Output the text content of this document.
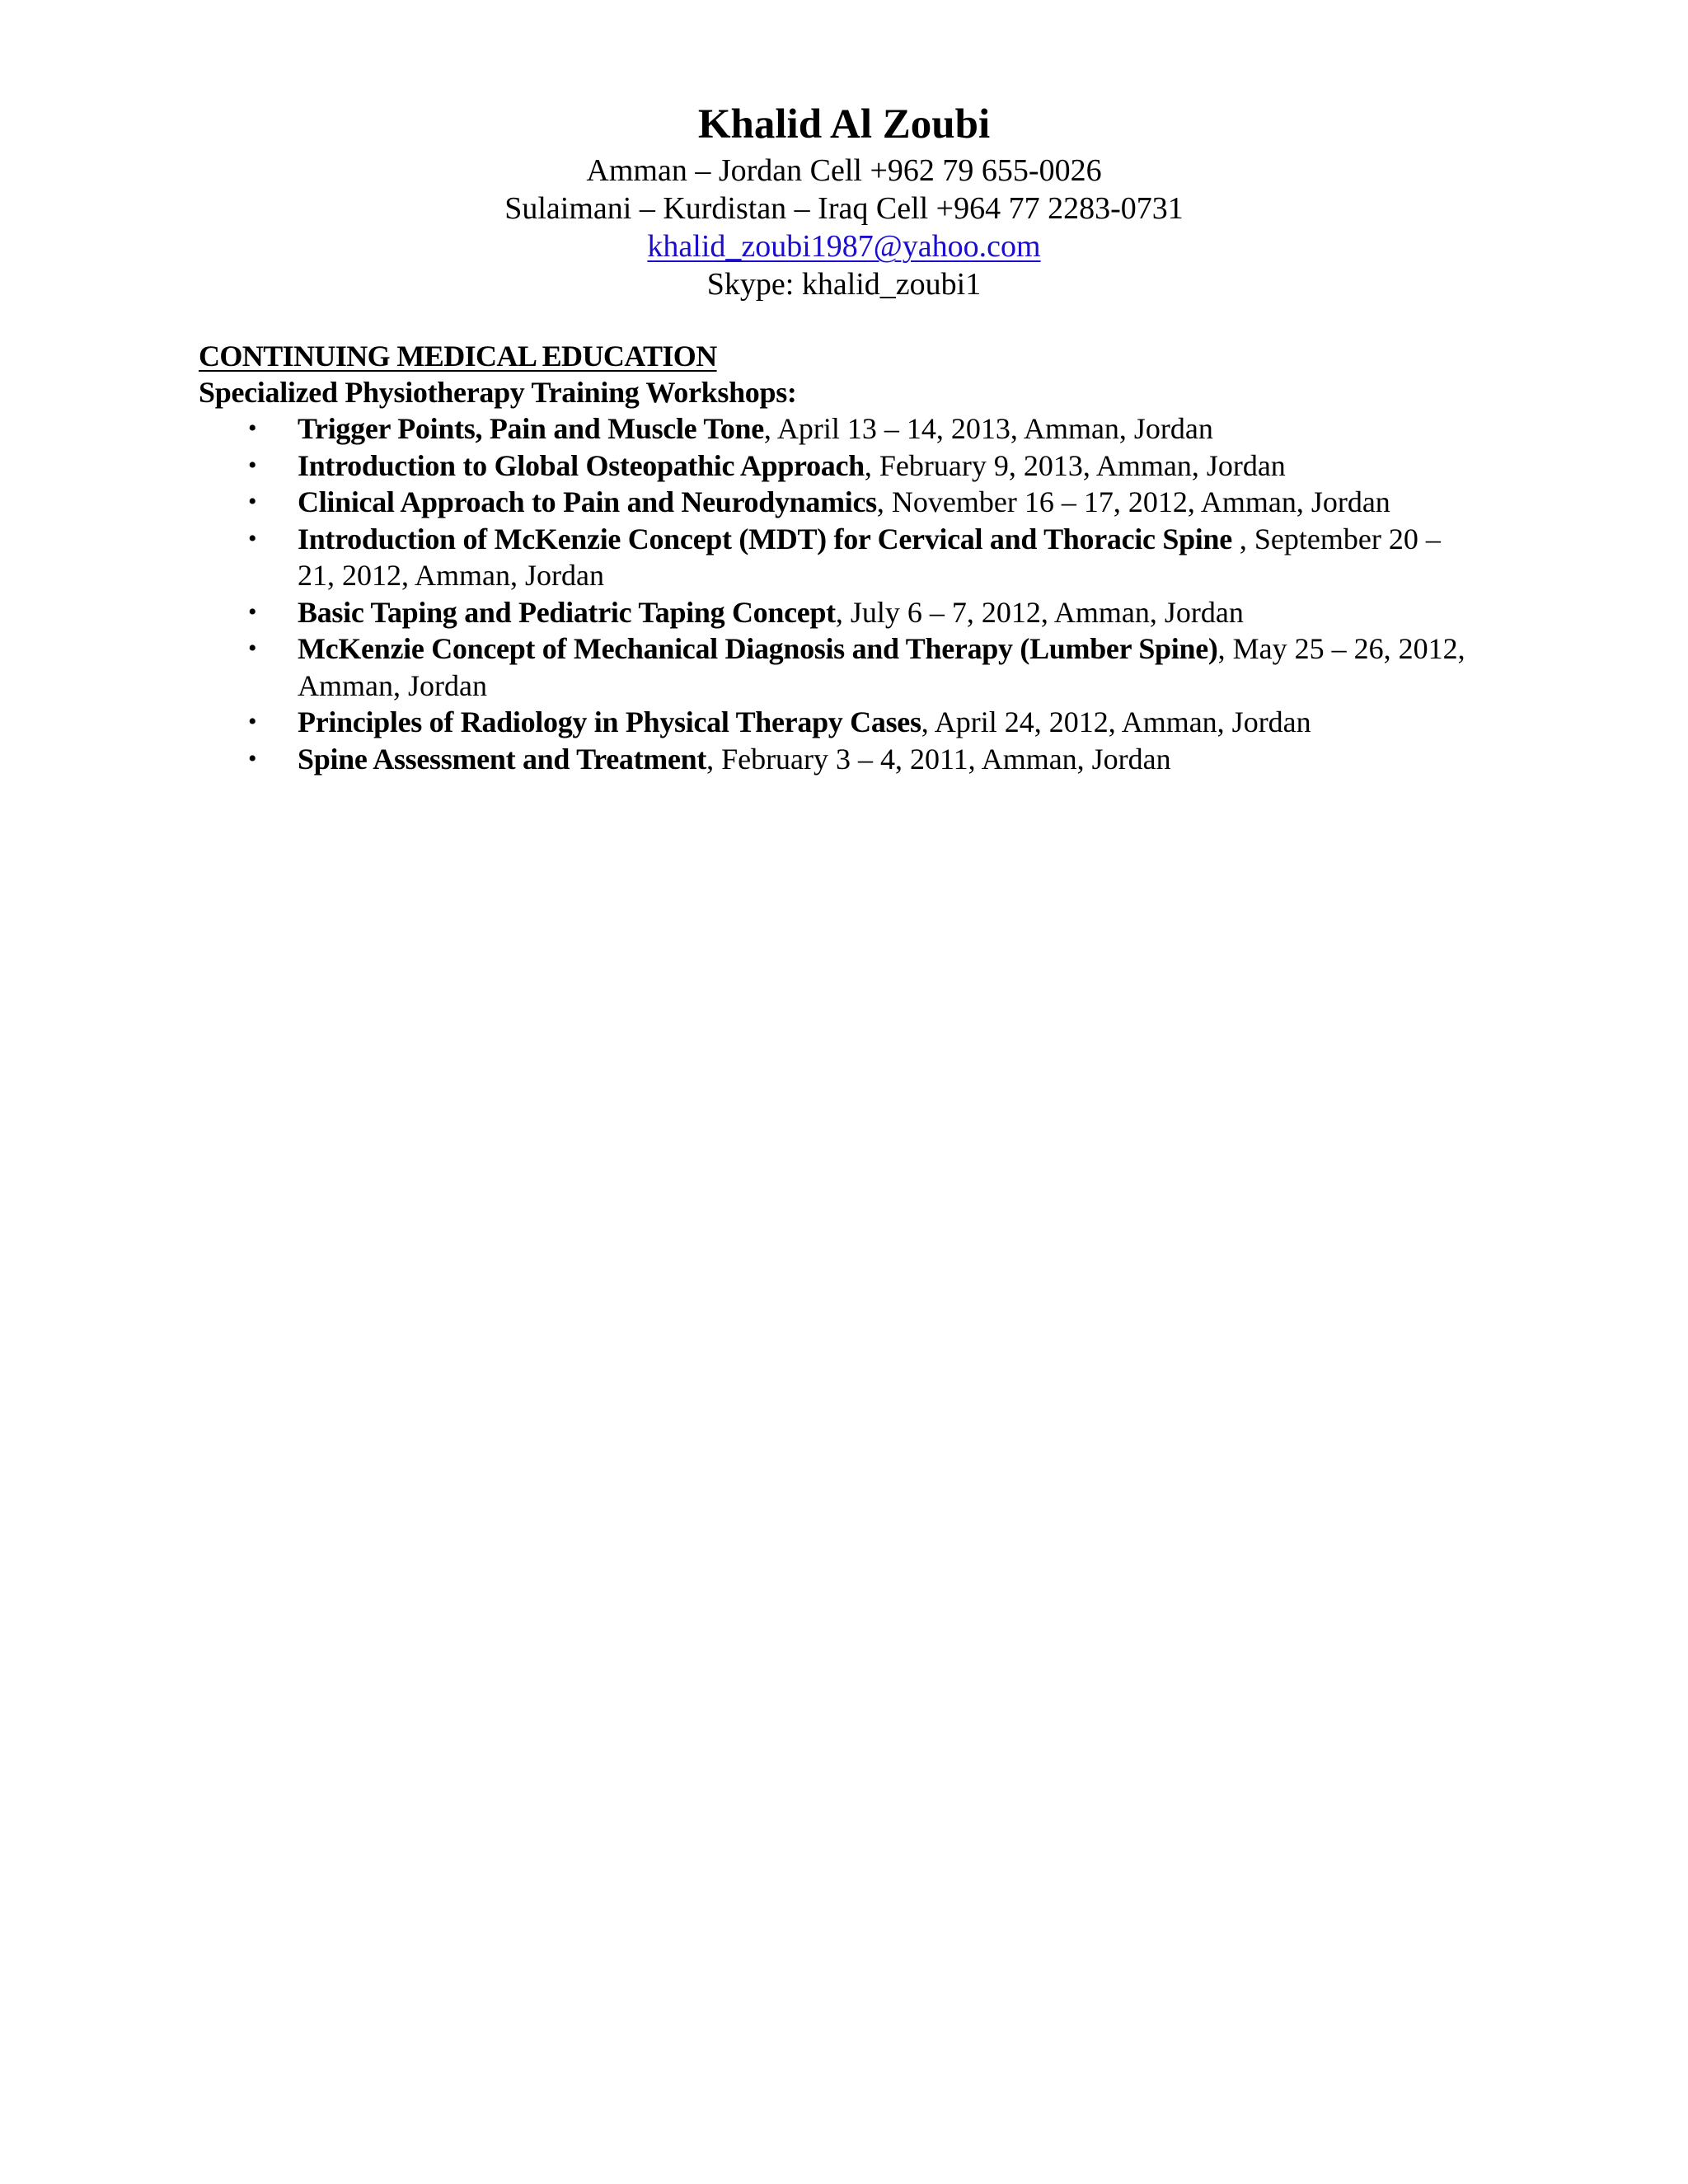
Khalid Al Zoubi
Amman – Jordan Cell +962 79 655-0026
Sulaimani – Kurdistan – Iraq Cell +964 77 2283-0731
khalid_zoubi1987@yahoo.com
Skype: khalid_zoubi1
CONTINUING MEDICAL EDUCATION
Specialized Physiotherapy Training Workshops:
• Trigger Points, Pain and Muscle Tone, April 13 – 14, 2013, Amman, Jordan
• Introduction to Global Osteopathic Approach, February 9, 2013, Amman, Jordan
• Clinical Approach to Pain and Neurodynamics, November 16 – 17, 2012, Amman, Jordan
• Introduction of McKenzie Concept (MDT) for Cervical and Thoracic Spine , September 20 – 21, 2012, Amman, Jordan
• Basic Taping and Pediatric Taping Concept, July 6 – 7, 2012, Amman, Jordan
• McKenzie Concept of Mechanical Diagnosis and Therapy (Lumber Spine), May 25 – 26, 2012, Amman, Jordan
• Principles of Radiology in Physical Therapy Cases, April 24, 2012, Amman, Jordan
• Spine Assessment and Treatment, February 3 – 4, 2011, Amman, Jordan
